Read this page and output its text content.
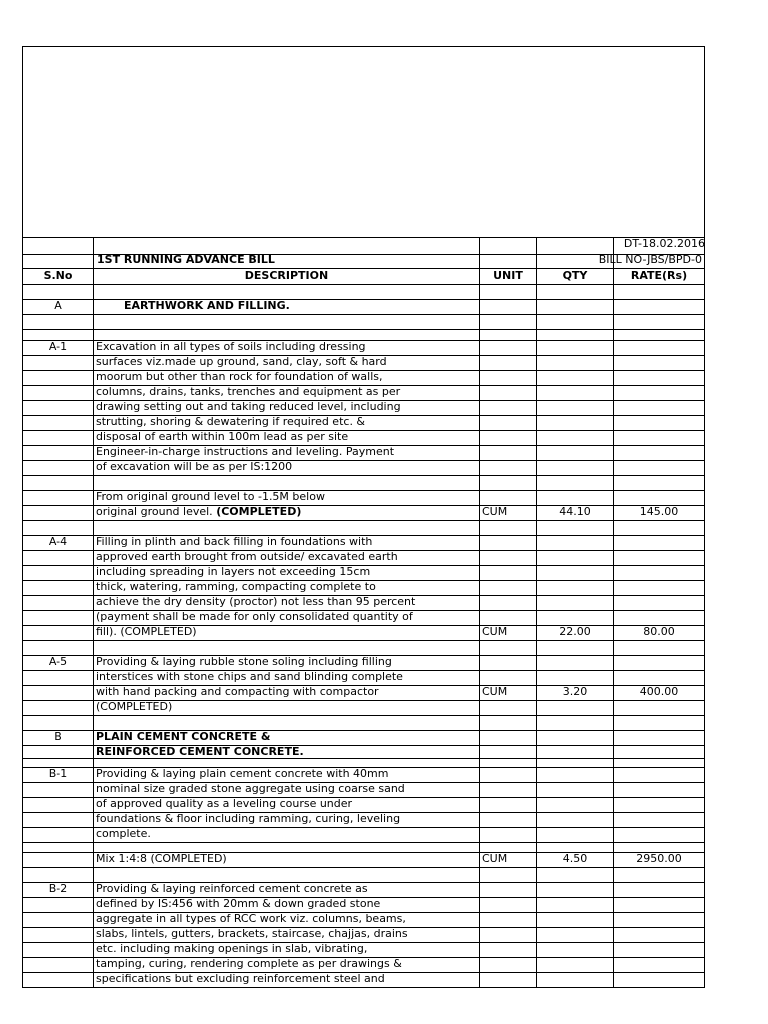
DT-18.02.2016
1ST RUNNING ADVANCE BILL	BILL NO-JBS/BPD-0
S.No	DESCRIPTION	UNIT	QTY	RATE(Rs)
A	EARTHWORK AND FILLING.
A-1	Excavation in all types of soils including dressing
surfaces viz.made up ground, sand, clay, soft & hard
moorum but other than rock for foundation of walls,
columns, drains, tanks, trenches and equipment as per
drawing setting out and taking reduced level, including
strutting, shoring & dewatering if required etc. &
disposal of earth within 100m lead as per site
Engineer-in-charge instructions and leveling. Payment
of excavation will be as per IS:1200
From original ground level to -1.5M below
original ground level. (COMPLETED)	CUM	44.10	145.00
A-4	Filling in plinth and back filling in foundations with
approved earth brought from outside/ excavated earth
including spreading in layers not exceeding 15cm
thick, watering, ramming, compacting complete to
achieve the dry density (proctor) not less than 95 percent
(payment shall be made for only consolidated quantity of
fill). (COMPLETED)	CUM	22.00	80.00
A-5	Providing & laying rubble stone soling including filling
interstices with stone chips and sand blinding complete
with hand packing and compacting with compactor	CUM	3.20	400.00
(COMPLETED)
B	PLAIN CEMENT CONCRETE &
REINFORCED CEMENT CONCRETE.
B-1	Providing & laying plain cement concrete with 40mm
nominal size graded stone aggregate using coarse sand
of approved quality as a leveling course under
foundations & floor including ramming, curing, leveling
complete.
Mix 1:4:8 (COMPLETED)	CUM	4.50	2950.00
B-2	Providing & laying reinforced cement concrete as
defined by IS:456 with 20mm & down graded stone
aggregate in all types of RCC work viz. columns, beams,
slabs, lintels, gutters, brackets, staircase, chajjas, drains
etc. including making openings in slab, vibrating,
tamping, curing, rendering complete as per drawings &
specifications but excluding reinforcement steel and
